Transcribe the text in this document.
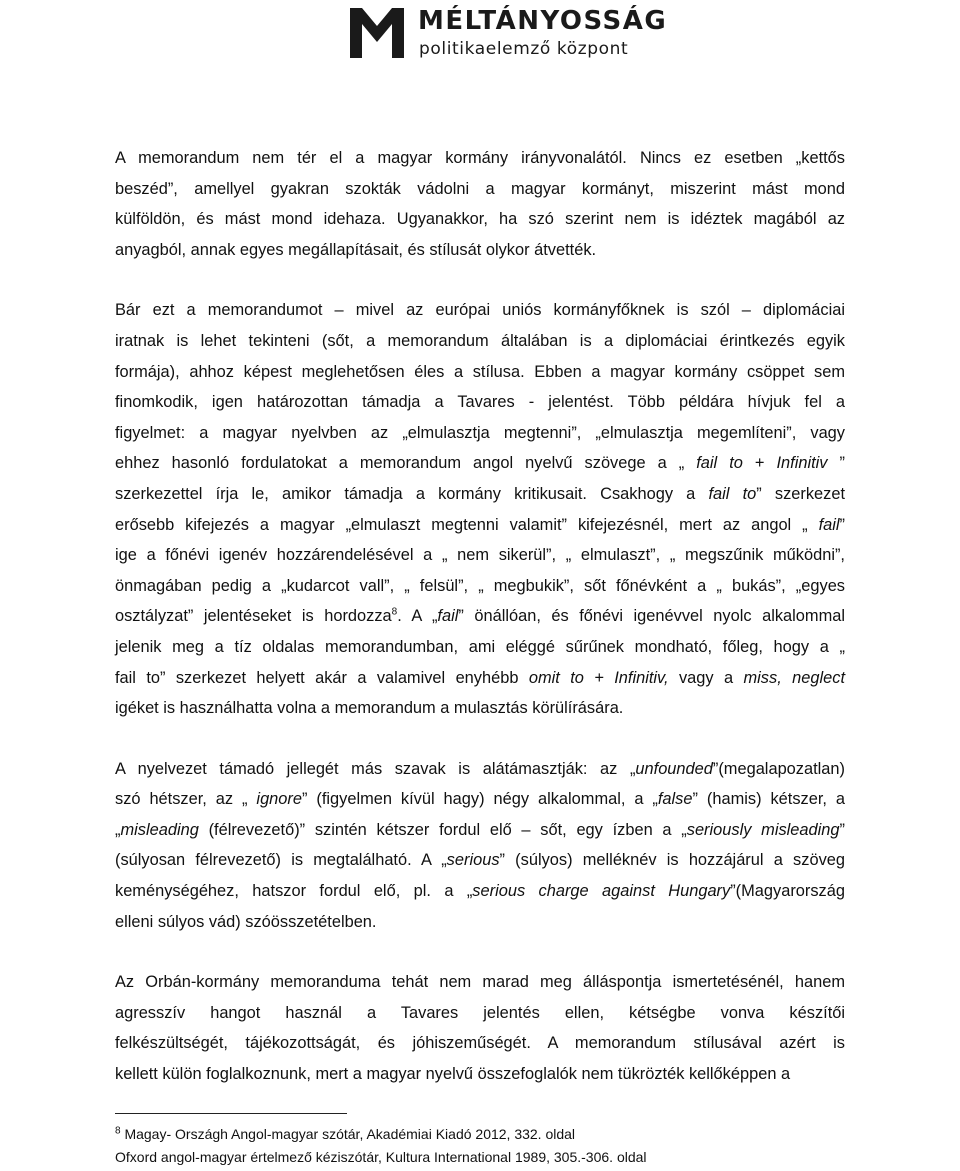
MÉLTÁNYOSSÁG
politikaelemző központ
A memorandum nem tér el a magyar kormány irányvonalától. Nincs ez esetben „kettős
beszéd”, amellyel gyakran szokták vádolni a magyar kormányt, miszerint mást mond
külföldön, és mást mond idehaza. Ugyanakkor, ha szó szerint nem is idéztek magából az
anyagból, annak egyes megállapításait, és stílusát olykor átvették.
Bár ezt a memorandumot – mivel az európai uniós kormányfőknek is szól – diplomáciai
iratnak is lehet tekinteni (sőt, a memorandum általában is a diplomáciai érintkezés egyik
formája), ahhoz képest meglehetősen éles a stílusa. Ebben a magyar kormány csöppet sem
finomkodik, igen határozottan támadja a Tavares - jelentést. Több példára hívjuk fel a
figyelmet: a magyar nyelvben az „elmulasztja megtenni”, „elmulasztja megemlíteni”, vagy
ehhez hasonló fordulatokat a memorandum angol nyelvű szövege a „ fail to + Infinitiv ”
szerkezettel írja le, amikor támadja a kormány kritikusait. Csakhogy a fail to” szerkezet
erősebb kifejezés a magyar „elmulaszt megtenni valamit” kifejezésnél, mert az angol „ fail”
ige a főnévi igenév hozzárendelésével a „ nem sikerül”, „ elmulaszt”, „ megszűnik működni”,
önmagában pedig a „kudarcot vall”, „ felsül”, „ megbukik”, sőt főnévként a „ bukás”, „egyes
osztályzat” jelentéseket is hordozza$^8$. A „fail” önállóan, és főnévi igenévvel nyolc alkalommal
jelenik meg a tíz oldalas memorandumban, ami eléggé sűrűnek mondható, főleg, hogy a „
fail to” szerkezet helyett akár a valamivel enyhébb omit to + Infinitiv, vagy a miss, neglect
igéket is használhatta volna a memorandum a mulasztás körülírására.
A nyelvezet támadó jellegét más szavak is alátámasztják: az „unfounded”(megalapozatlan)
szó hétszer, az „ ignore” (figyelmen kívül hagy) négy alkalommal, a „false” (hamis) kétszer, a
„misleading (félrevezető)” szintén kétszer fordul elő – sőt, egy ízben a „seriously misleading”
(súlyosan félrevezető) is megtalálható. A „serious” (súlyos) melléknév is hozzájárul a szöveg
keménységéhez, hatszor fordul elő, pl. a „serious charge against Hungary”(Magyarország
elleni súlyos vád) szóösszetételben.
Az Orbán-kormány memoranduma tehát nem marad meg álláspontja ismertetésénél, hanem
agresszív hangot használ a Tavares jelentés ellen, kétségbe vonva készítői
felkészültségét, tájékozottságát, és jóhiszeműségét. A memorandum stílusával azért is
kellett külön foglalkoznunk, mert a magyar nyelvű összefoglalók nem tükrözték kellőképpen a
$^8$ Magay- Országh Angol-magyar szótár, Akadémiai Kiadó 2012, 332. oldal
Ofxord angol-magyar értelmező kéziszótár, Kultura International 1989, 305.-306. oldal
